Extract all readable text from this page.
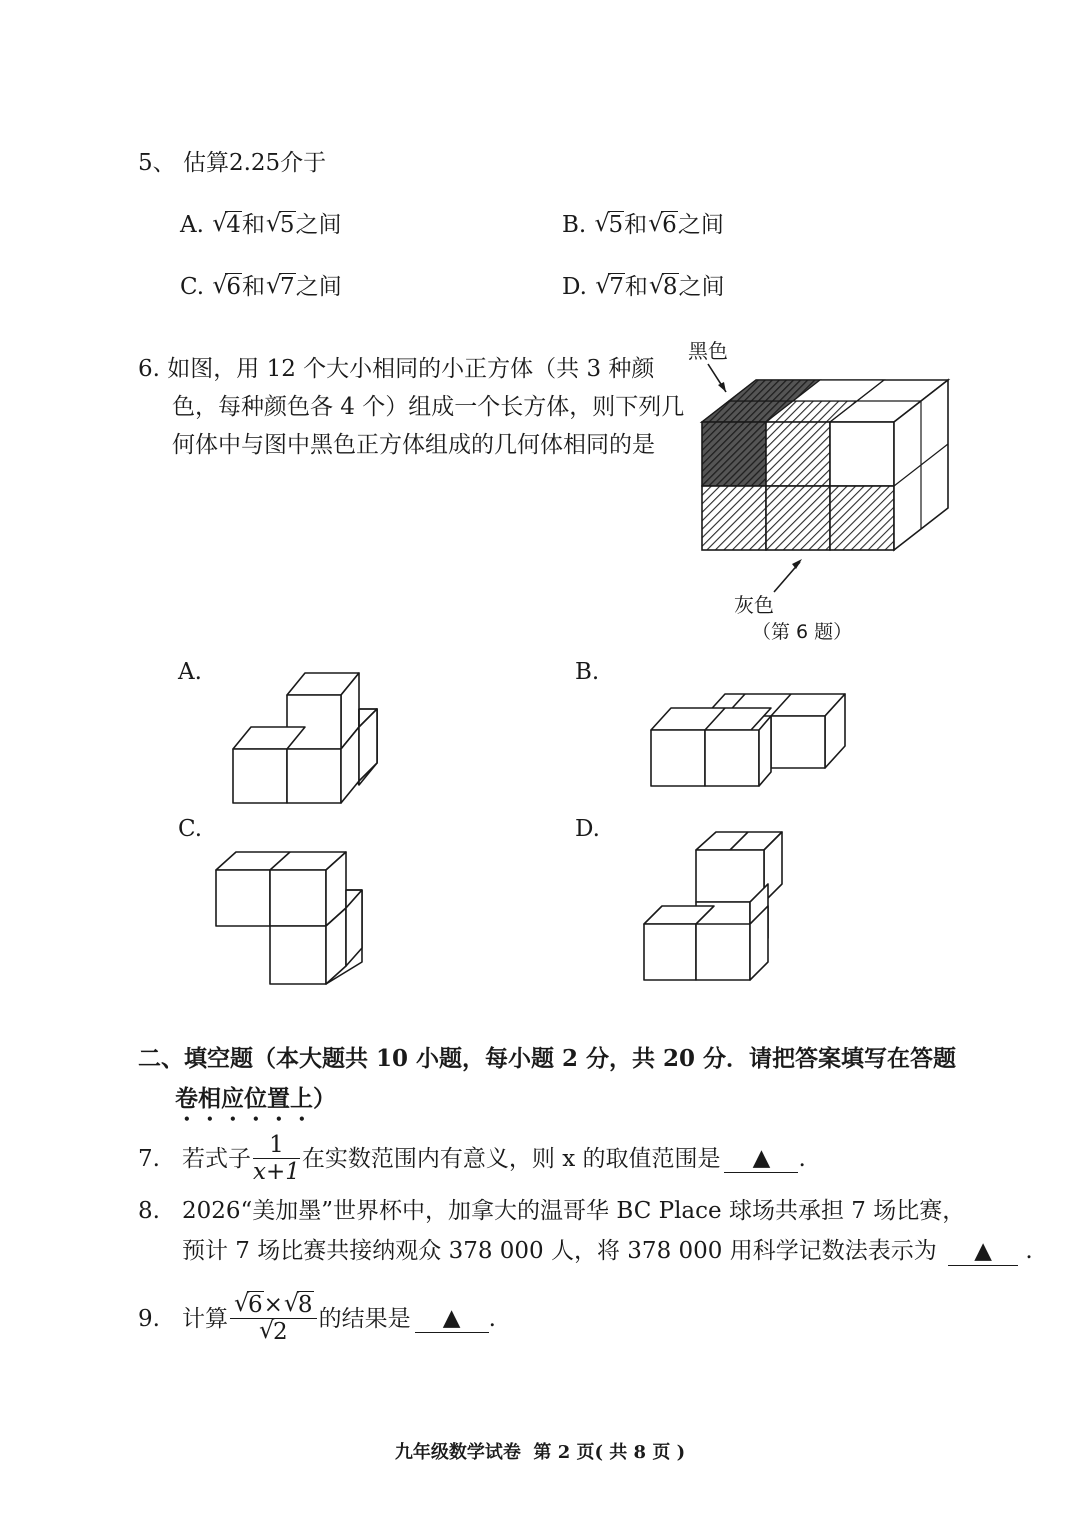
5、 估算2.25介于
A. √
4和 √
5之间	B. √
5和 √
6之间
C. √
6和 √
7之间	D. √
7和 √
8之间
6. 如图，用 12 个大小相同的小正方体（共 3 种颜
色，每种颜色各 4 个）组成一个长方体，则下列几
何体中与图中黑色正方体组成的几何体相同的是
黑色
灰色
（第 6 题）
A.	B.
C.	D.
二、填空题（本大题共 10 小题，每小题 2 分，共 20 分．请把答案填写在答题
卷相应位置上）
7. 若式子 $\frac{1}{x+1}$ 在实数范围内有意义，则 x 的取值范围是	▲	.
8. 2026“美加墨”世界杯中，加拿大的温哥华 BC Place 球场共承担 7 场比赛，
预计 7 场比赛共接纳观众 378 000 人，将 378 000 用科学记数法表示为 ▲ .
9. 计算 √
6× √
8
√
2 的结果是	▲	.
九年级数学试卷  第 2 页( 共 8 页 )
